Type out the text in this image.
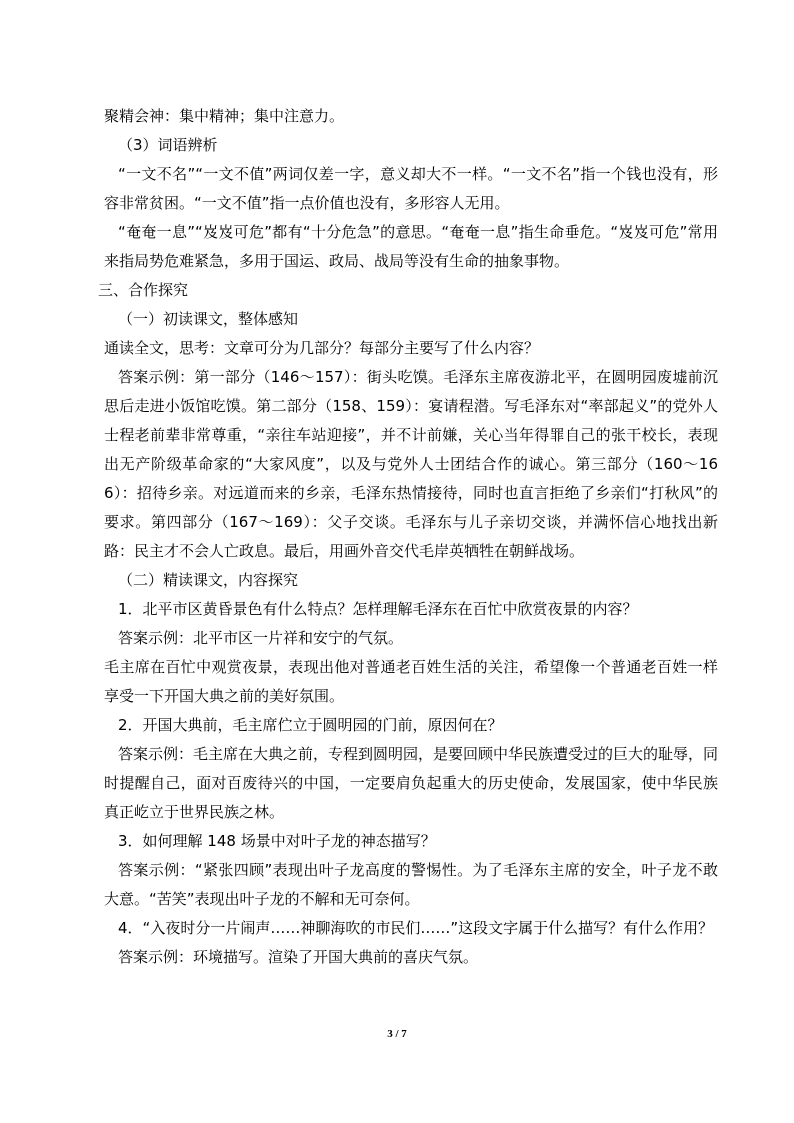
聚精会神：集中精神；集中注意力。

（3）词语辨析

“一文不名”“一文不值”两词仅差一字，意义却大不一样。“一文不名”指一个钱也没有，形容非常贫困。“一文不值”指一点价值也没有，多形容人无用。

“奄奄一息”“岌岌可危”都有“十分危急”的意思。“奄奄一息”指生命垂危。“岌岌可危”常用来指局势危难紧急，多用于国运、政局、战局等没有生命的抽象事物。

三、合作探究

（一）初读课文，整体感知

通读全文，思考：文章可分为几部分？每部分主要写了什么内容？

答案示例：第一部分（146～157）：街头吃馍。毛泽东主席夜游北平，在圆明园废墟前沉思后走进小饭馆吃馍。第二部分（158、159）：宴请程潜。写毛泽东对“率部起义”的党外人士程老前辈非常尊重，“亲往车站迎接”，并不计前嫌，关心当年得罪自己的张干校长，表现出无产阶级革命家的“大家风度”，以及与党外人士团结合作的诚心。第三部分（160～166）：招待乡亲。对远道而来的乡亲，毛泽东热情接待，同时也直言拒绝了乡亲们“打秋风”的要求。第四部分（167～169）：父子交谈。毛泽东与儿子亲切交谈，并满怀信心地找出新路：民主才不会人亡政息。最后，用画外音交代毛岸英牺牲在朝鲜战场。

（二）精读课文，内容探究

1．北平市区黄昏景色有什么特点？怎样理解毛泽东在百忙中欣赏夜景的内容？

答案示例：北平市区一片祥和安宁的气氛。

毛主席在百忙中观赏夜景，表现出他对普通老百姓生活的关注，希望像一个普通老百姓一样享受一下开国大典之前的美好氛围。

2．开国大典前，毛主席伫立于圆明园的门前，原因何在？

答案示例：毛主席在大典之前，专程到圆明园，是要回顾中华民族遭受过的巨大的耻辱，同时提醒自己，面对百废待兴的中国，一定要肩负起重大的历史使命，发展国家，使中华民族真正屹立于世界民族之林。

3．如何理解 148 场景中对叶子龙的神态描写？

答案示例：“紧张四顾”表现出叶子龙高度的警惕性。为了毛泽东主席的安全，叶子龙不敢大意。“苦笑”表现出叶子龙的不解和无可奈何。

4．“入夜时分一片闹声……神聊海吹的市民们……”这段文字属于什么描写？有什么作用？

答案示例：环境描写。渲染了开国大典前的喜庆气氛。

3 / 7
